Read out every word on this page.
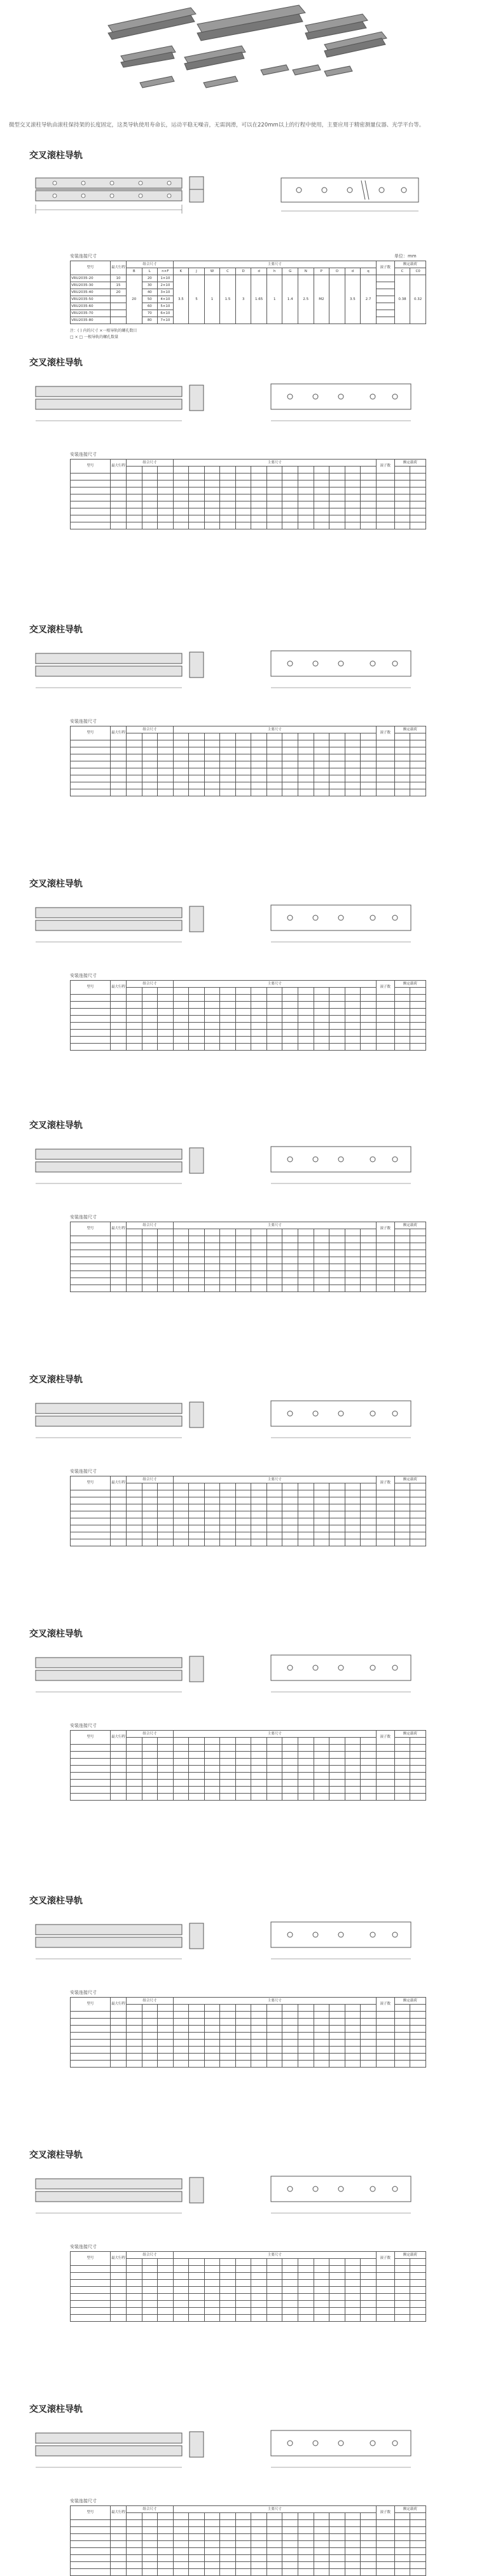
微型交叉滚柱导轨由滚柱保持架的长度固定，这类导轨使用寿命长，运动平稳无噪音，无需润滑，可以在220mm以上的行程中使用，主要应用于精密测量仪器、光学平台等。
交叉滚柱导轨
安装连接尺寸	单位：mm
型号	最大行程	组合尺寸			主要尺寸													滚子数	额定载荷	
		B	L	n×F	K	J	W	C	D	d	h	G	N	P	O	d	q		C	C0
VRU2035-20	10	20	20	1×10	3.5	5	1	1.5	3	1.65	1	1.4	2.5	M2		3.5	2.7		0.38	0.32
VRU2035-30	15		30	2×10																
VRU2035-40	20		40	3×10																
VRU2035-50			50	4×10																
VRU2035-60			60	5×10																
VRU2035-70			70	6×10																
VRU2035-80			80	7×10																
注：( ) 内的尺寸 ×一根导轨的螺孔数目
□ × □ 一根导轨的螺孔数量
交叉滚柱导轨
安装连接尺寸
型号	最大行程	组合尺寸			主要尺寸													滚子数	额定载荷	

交叉滚柱导轨
安装连接尺寸
型号	最大行程	组合尺寸			主要尺寸													滚子数	额定载荷	

交叉滚柱导轨
安装连接尺寸
型号	最大行程	组合尺寸			主要尺寸													滚子数	额定载荷	

交叉滚柱导轨
安装连接尺寸
型号	最大行程	组合尺寸			主要尺寸													滚子数	额定载荷	

交叉滚柱导轨
安装连接尺寸
型号	最大行程	组合尺寸			主要尺寸													滚子数	额定载荷	

交叉滚柱导轨
安装连接尺寸
型号	最大行程	组合尺寸			主要尺寸													滚子数	额定载荷	

交叉滚柱导轨
安装连接尺寸
型号	最大行程	组合尺寸			主要尺寸													滚子数	额定载荷	

交叉滚柱导轨
安装连接尺寸
型号	最大行程	组合尺寸			主要尺寸													滚子数	额定载荷	

交叉滚柱导轨
安装连接尺寸
型号	最大行程	组合尺寸			主要尺寸													滚子数	额定载荷	
